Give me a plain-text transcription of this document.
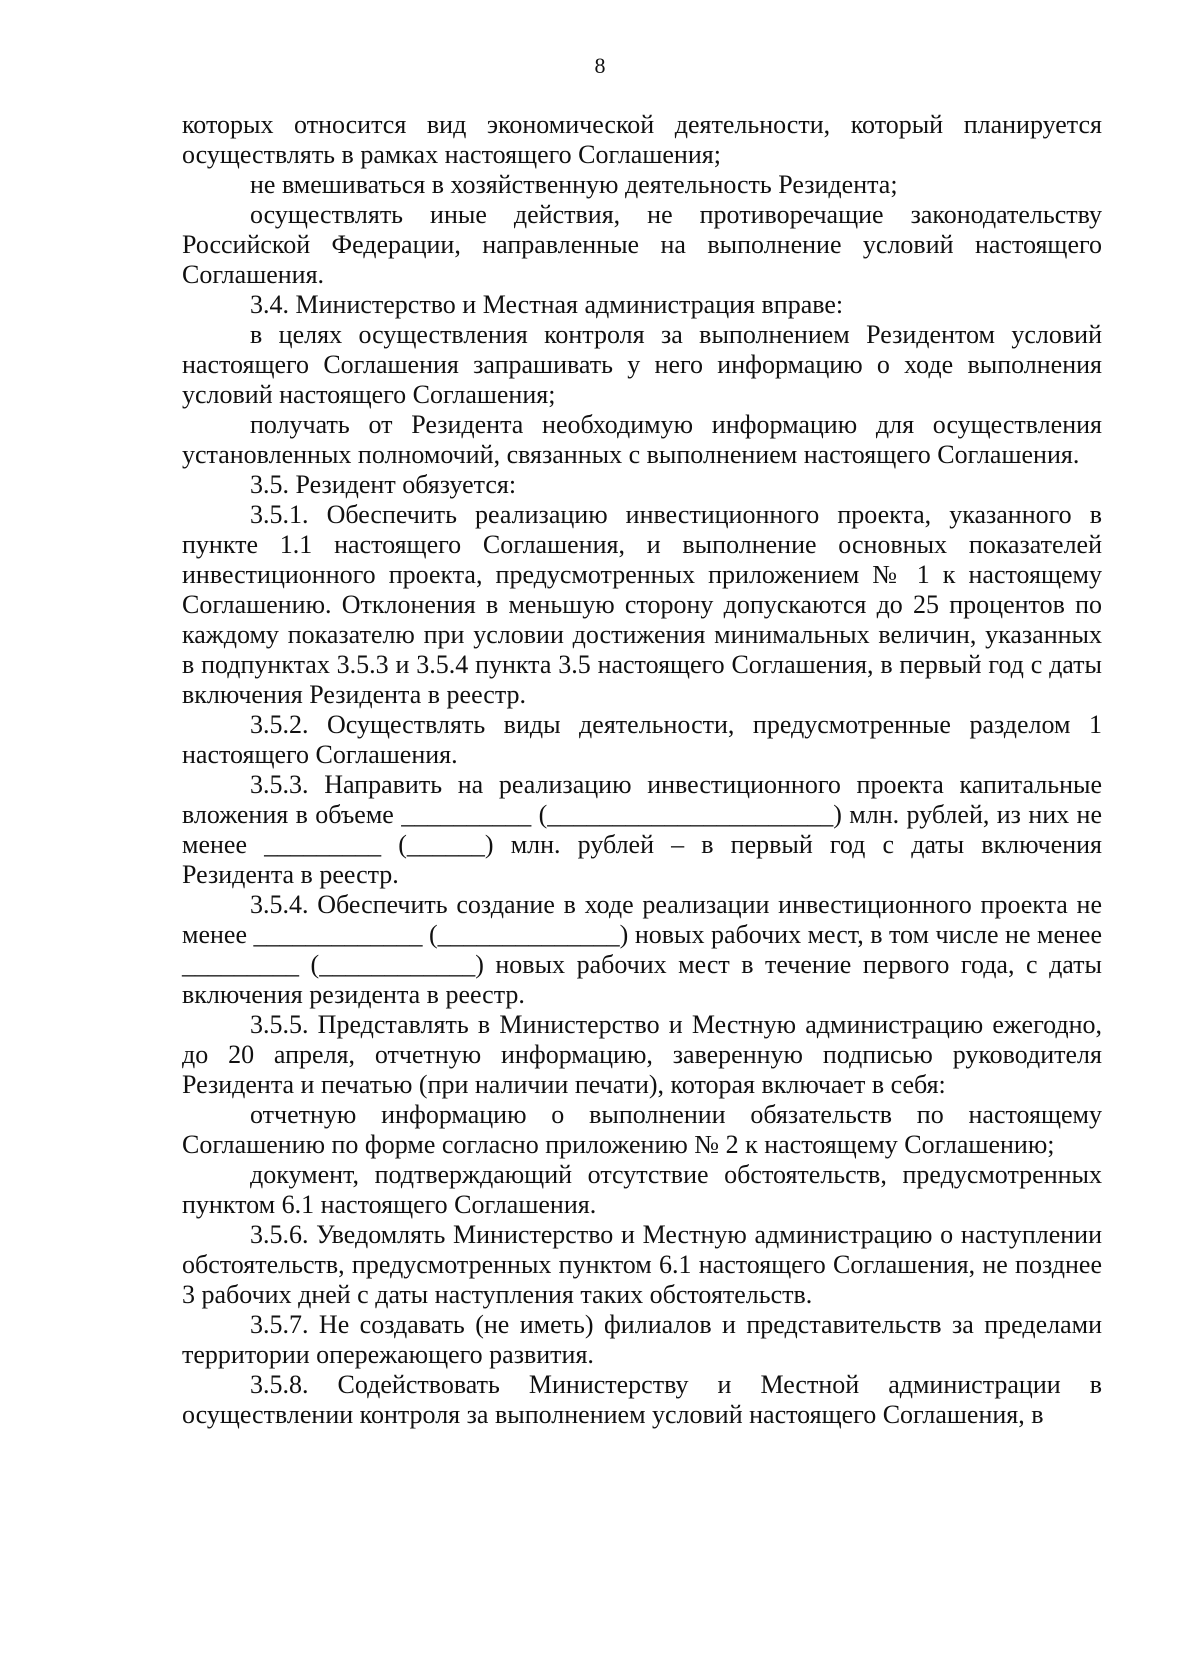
8

которых относится вид экономической деятельности, который планируется осуществлять в рамках настоящего Соглашения;

не вмешиваться в хозяйственную деятельность Резидента;

осуществлять иные действия, не противоречащие законодательству Российской Федерации, направленные на выполнение условий настоящего Соглашения.

3.4. Министерство и Местная администрация вправе:

в целях осуществления контроля за выполнением Резидентом условий настоящего Соглашения запрашивать у него информацию о ходе выполнения условий настоящего Соглашения;

получать от Резидента необходимую информацию для осуществления установленных полномочий, связанных с выполнением настоящего Соглашения.

3.5. Резидент обязуется:

3.5.1. Обеспечить реализацию инвестиционного проекта, указанного в пункте 1.1 настоящего Соглашения, и выполнение основных показателей инвестиционного проекта, предусмотренных приложением № 1 к настоящему Соглашению. Отклонения в меньшую сторону допускаются до 25 процентов по каждому показателю при условии достижения минимальных величин, указанных в подпунктах 3.5.3 и 3.5.4 пункта 3.5 настоящего Соглашения, в первый год с даты включения Резидента в реестр.

3.5.2. Осуществлять виды деятельности, предусмотренные разделом 1 настоящего Соглашения.

3.5.3. Направить на реализацию инвестиционного проекта капитальные вложения в объеме __________ (______________________) млн. рублей, из них не менее _________ (______) млн. рублей – в первый год с даты включения Резидента в реестр.

3.5.4. Обеспечить создание в ходе реализации инвестиционного проекта не менее _____________ (______________) новых рабочих мест, в том числе не менее _________ (____________) новых рабочих мест в течение первого года, с даты включения резидента в реестр.

3.5.5. Представлять в Министерство и Местную администрацию ежегодно, до 20 апреля, отчетную информацию, заверенную подписью руководителя Резидента и печатью (при наличии печати), которая включает в себя:

отчетную информацию о выполнении обязательств по настоящему Соглашению по форме согласно приложению № 2 к настоящему Соглашению;

документ, подтверждающий отсутствие обстоятельств, предусмотренных пунктом 6.1 настоящего Соглашения.

3.5.6. Уведомлять Министерство и Местную администрацию о наступлении обстоятельств, предусмотренных пунктом 6.1 настоящего Соглашения, не позднее 3 рабочих дней с даты наступления таких обстоятельств.

3.5.7. Не создавать (не иметь) филиалов и представительств за пределами территории опережающего развития.

3.5.8. Содействовать Министерству и Местной администрации в осуществлении контроля за выполнением условий настоящего Соглашения, в
